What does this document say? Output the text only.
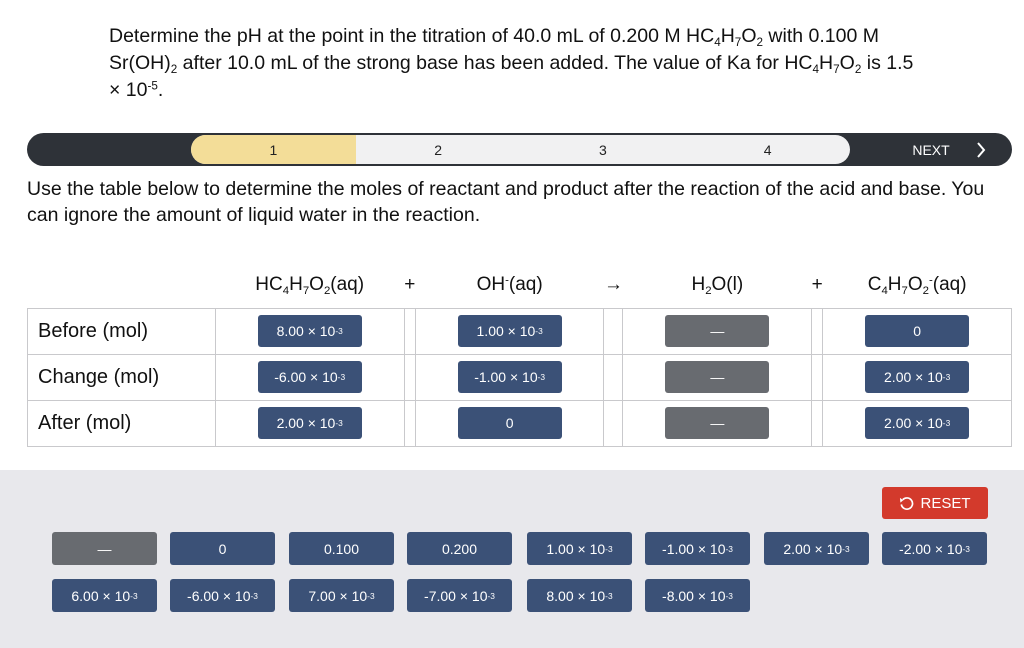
Determine the pH at the point in the titration of 40.0 mL of 0.200 M $HC_4H_7O_2$ with 0.100 M $Sr(OH)_2$ after 10.0 mL of the strong base has been added. The value of Ka for $HC_4H_7O_2$ is $1.5 \times 10^{-5}$.
1	2	3	4	NEXT
Use the table below to determine the moles of reactant and product after the reaction of the acid and base. You can ignore the amount of liquid water in the reaction.
	$HC_4H_7O_2(aq)$	+	OH-(aq)	→	$H_2O(l)$	+	$C_4H_7O_2^-(aq)$
Before (mol)	8.00 × 10 -3		1.00 × 10 -3		—		0
Change (mol)	-6.00 × 10 -3		-1.00 × 10 -3		—		2.00 × 10 -3

After (mol)	2.00 × 10 -3		0		—		2.00 × 10 -3
RESET
—	0	0.100	0.200	1.00 × 10 -3	-1.00 × 10 -3	2.00 × 10 -3	-2.00 × 10 -3
6.00 × 10 -3	-6.00 × 10 -3	7.00 × 10 -3	-7.00 × 10 -3	8.00 × 10 -3	-8.00 × 10 -3
